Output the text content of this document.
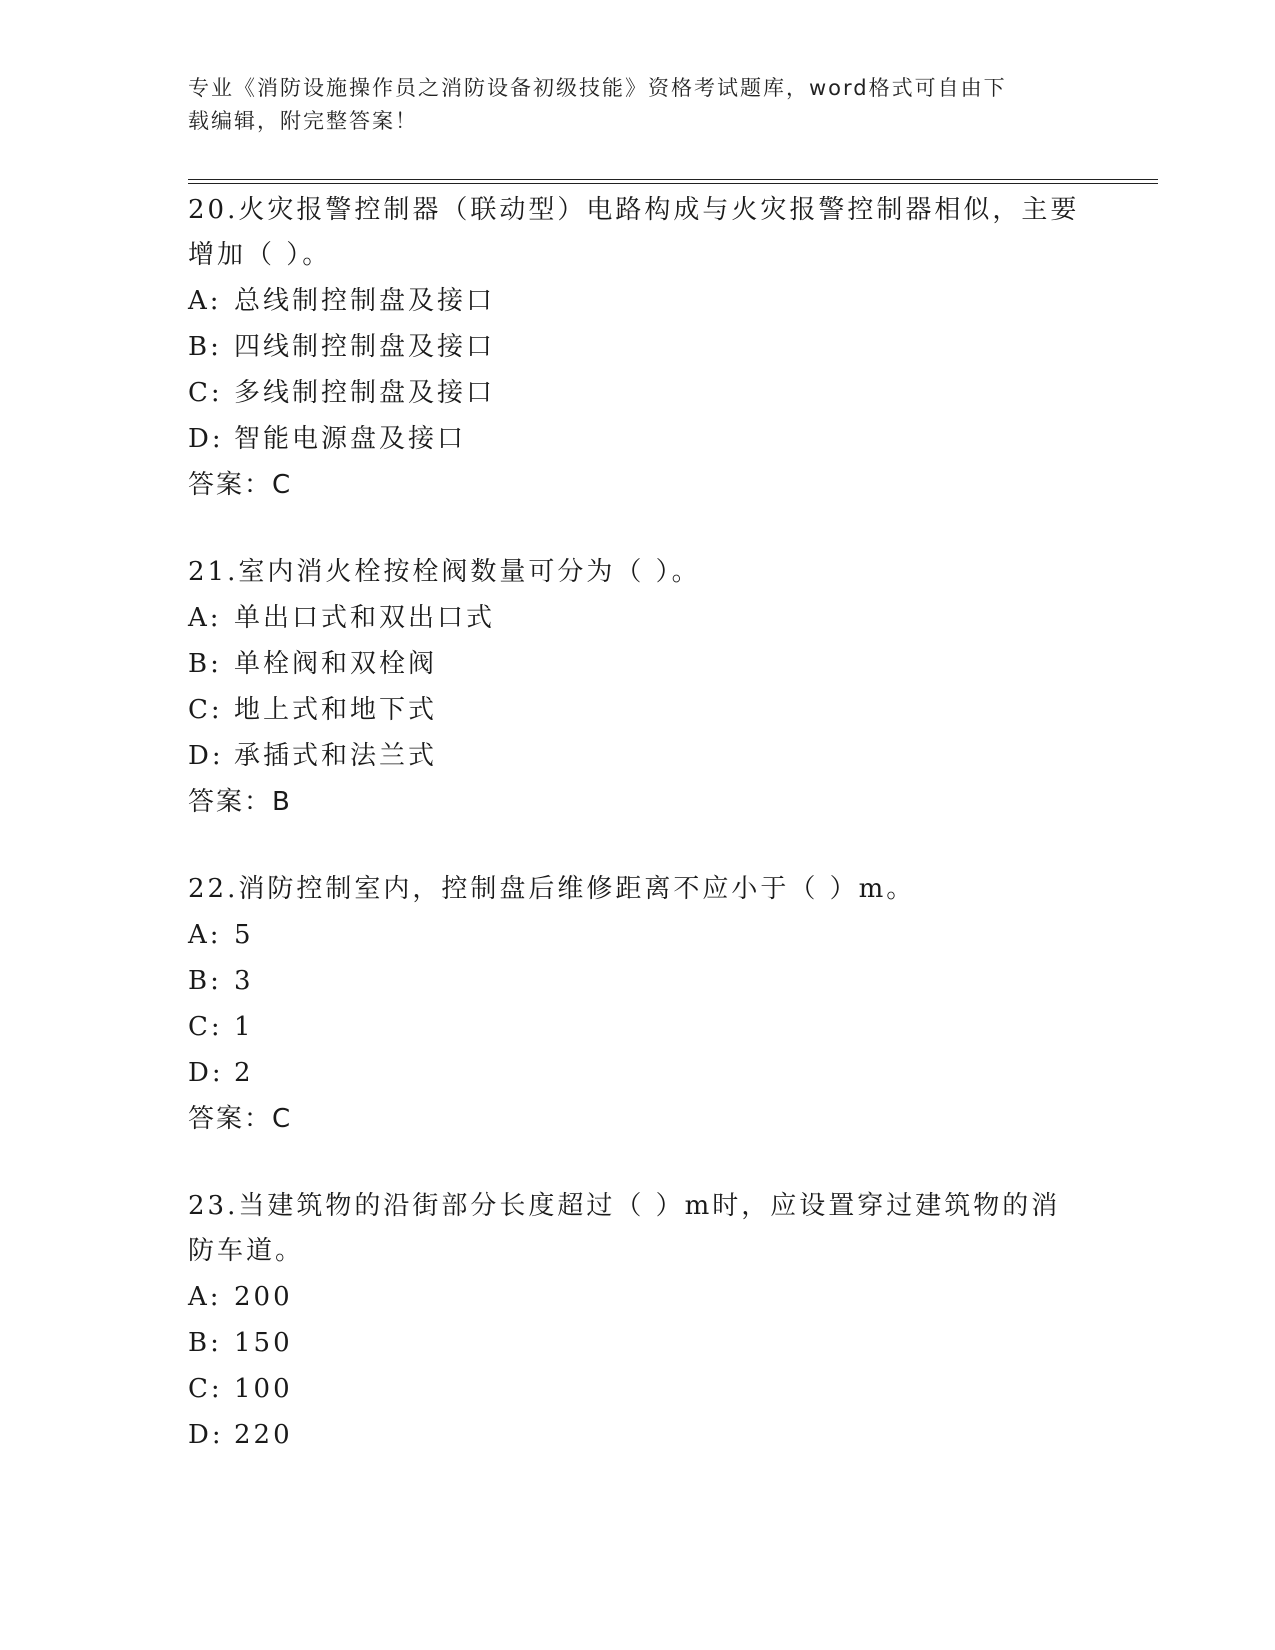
专业《消防设施操作员之消防设备初级技能》资格考试题库，word格式可自由下
载编辑，附完整答案！

20.火灾报警控制器（联动型）电路构成与火灾报警控制器相似，主要

增加（ ）。

A: 总线制控制盘及接口

B: 四线制控制盘及接口

C: 多线制控制盘及接口

D: 智能电源盘及接口

答案：C

21.室内消火栓按栓阀数量可分为（ ）。

A: 单出口式和双出口式

B: 单栓阀和双栓阀

C: 地上式和地下式

D: 承插式和法兰式

答案：B

22.消防控制室内，控制盘后维修距离不应小于（ ）m。

A: 5

B: 3

C: 1

D: 2

答案：C

23.当建筑物的沿街部分长度超过（ ）m时，应设置穿过建筑物的消

防车道。

A: 200

B: 150

C: 100

D: 220
